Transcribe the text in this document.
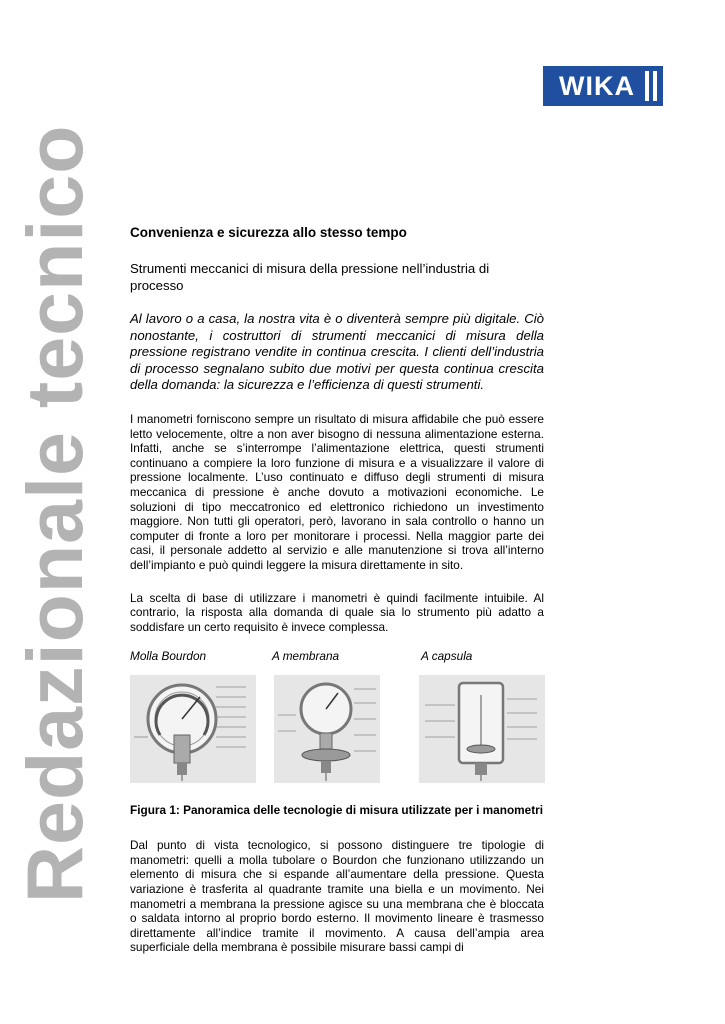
WIKA
Redazionale tecnico Convenienza e sicurezza allo stesso tempo

Strumenti meccanici di misura della pressione nell’industria di processo

Al lavoro o a casa, la nostra vita è o diventerà sempre più digitale. Ciò nonostante, i costruttori di strumenti meccanici di misura della pressione registrano vendite in continua crescita. I clienti dell’industria di processo segnalano subito due motivi per questa continua crescita della domanda: la sicurezza e l’efficienza di questi strumenti.

I manometri forniscono sempre un risultato di misura affidabile che può essere letto velocemente, oltre a non aver bisogno di nessuna alimentazione esterna. Infatti, anche se s’interrompe l’alimentazione elettrica, questi strumenti continuano a compiere la loro funzione di misura e a visualizzare il valore di pressione localmente. L’uso continuato e diffuso degli strumenti di misura meccanica di pressione è anche dovuto a motivazioni economiche. Le soluzioni di tipo meccatronico ed elettronico richiedono un investimento maggiore. Non tutti gli operatori, però, lavorano in sala controllo o hanno un computer di fronte a loro per monitorare i processi. Nella maggior parte dei casi, il personale addetto al servizio e alle manutenzione si trova all’interno dell’impianto e può quindi leggere la misura direttamente in sito.

La scelta di base di utilizzare i manometri è quindi facilmente intuibile. Al contrario, la risposta alla domanda di quale sia lo strumento più adatto a soddisfare un certo requisito è invece complessa.

Molla Bourdon	A membrana	A capsula
Figura 1: Panoramica delle tecnologie di misura utilizzate per i manometri

Dal punto di vista tecnologico, si possono distinguere tre tipologie di manometri: quelli a molla tubolare o Bourdon che funzionano utilizzando un elemento di misura che si espande all’aumentare della pressione. Questa variazione è trasferita al quadrante tramite una biella e un movimento. Nei manometri a membrana la pressione agisce su una membrana che è bloccata o saldata intorno al proprio bordo esterno. Il movimento lineare è trasmesso direttamente all’indice tramite il movimento. A causa dell’ampia area superficiale della membrana è possibile misurare bassi campi di
